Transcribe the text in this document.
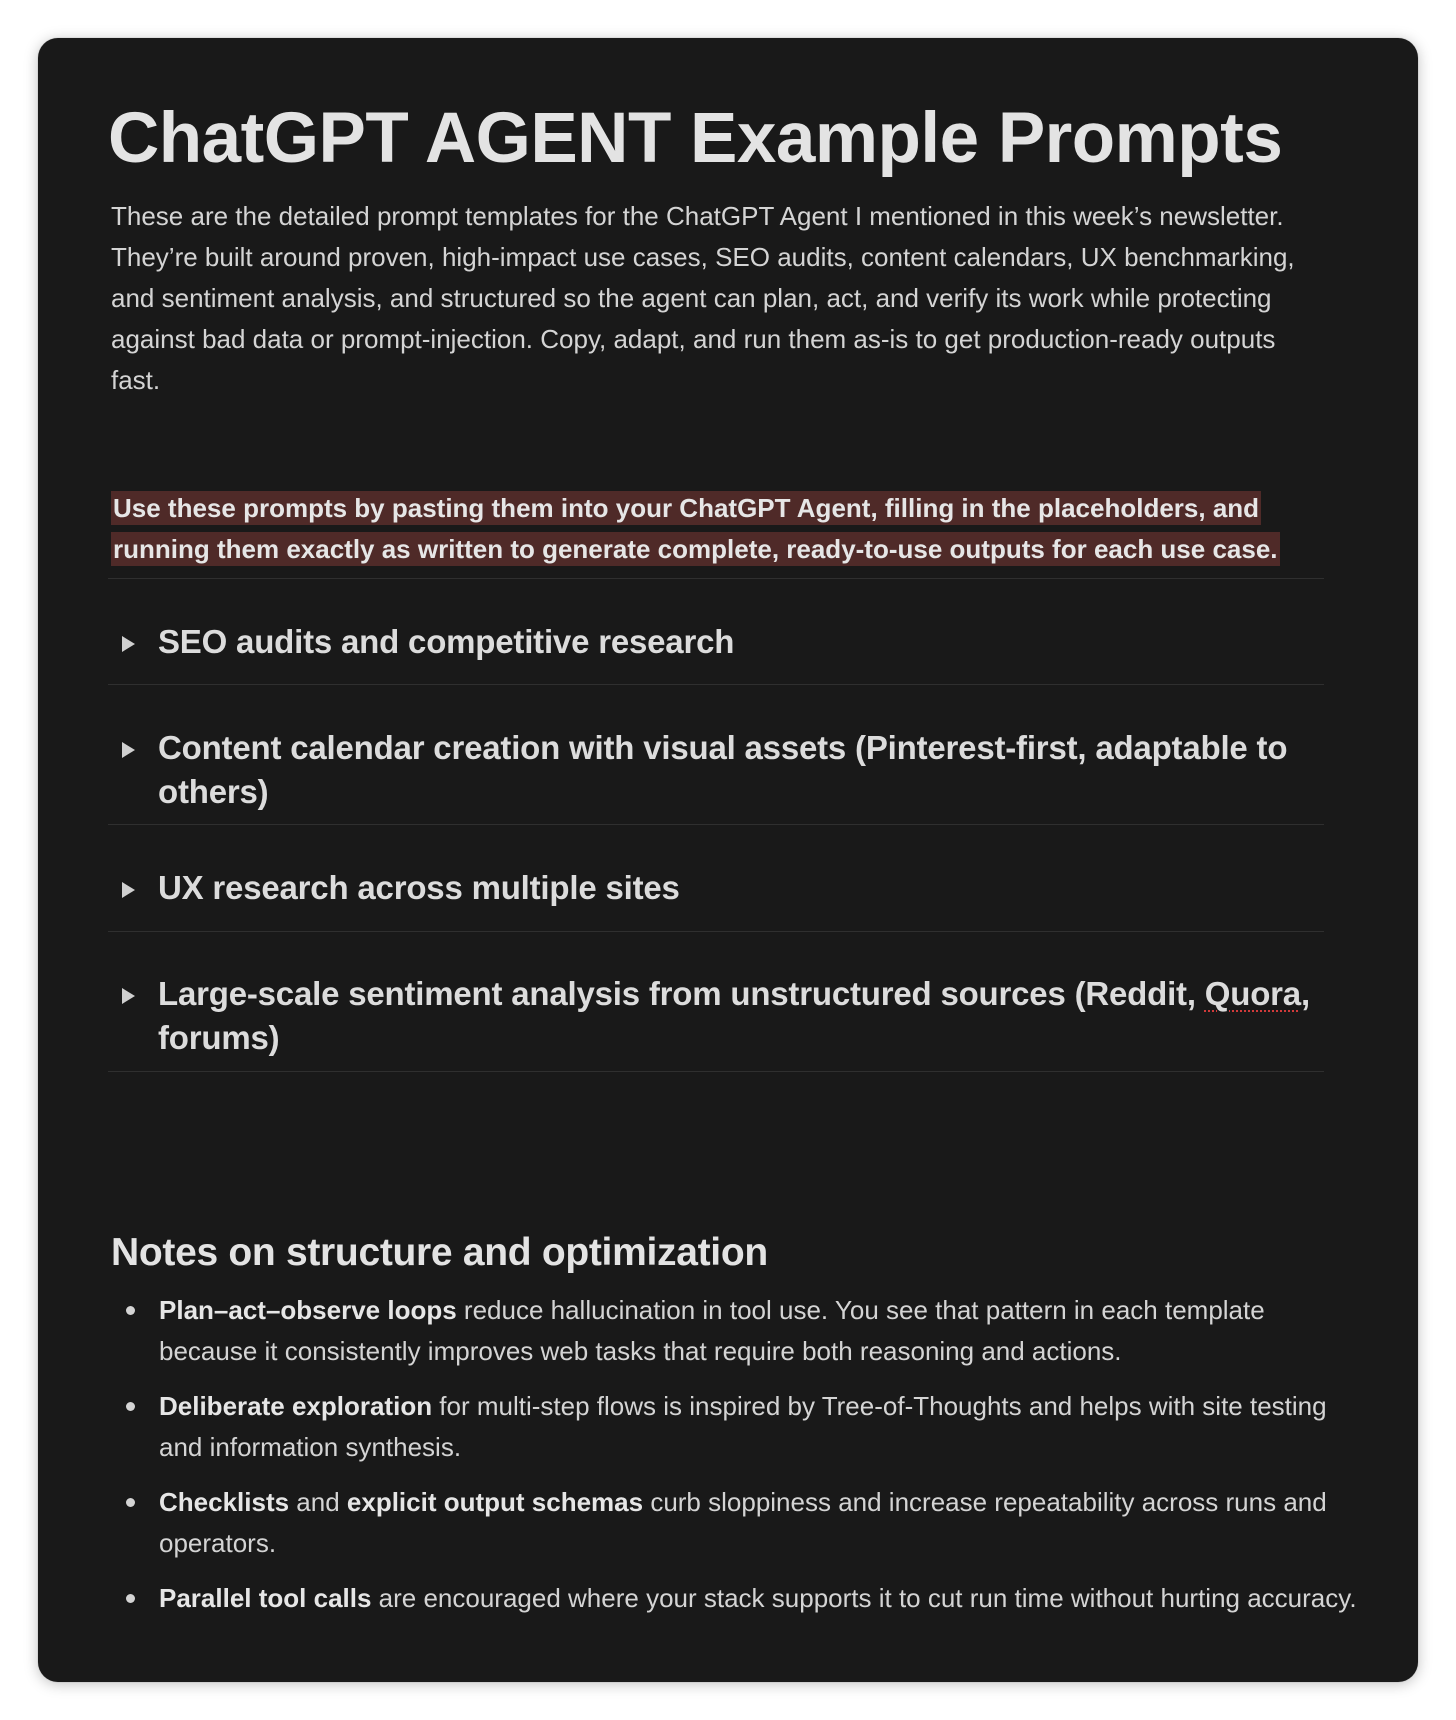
ChatGPT AGENT Example Prompts

These are the detailed prompt templates for the ChatGPT Agent I mentioned in this week’s newsletter. They’re built around proven, high-impact use cases, SEO audits, content calendars, UX benchmarking, and sentiment analysis, and structured so the agent can plan, act, and verify its work while protecting against bad data or prompt-injection. Copy, adapt, and run them as-is to get production-ready outputs fast.

Use these prompts by pasting them into your ChatGPT Agent, filling in the placeholders, and running them exactly as written to generate complete, ready-to-use outputs for each use case.

SEO audits and competitive research
Content calendar creation with visual assets (Pinterest-first, adaptable to others)
UX research across multiple sites
Large-scale sentiment analysis from unstructured sources (Reddit, Quora, forums)
Notes on structure and optimization
Plan–act–observe loops reduce hallucination in tool use. You see that pattern in each template because it consistently improves web tasks that require both reasoning and actions.
Deliberate exploration for multi-step flows is inspired by Tree-of-Thoughts and helps with site testing and information synthesis.
Checklists and explicit output schemas curb sloppiness and increase repeatability across runs and operators.
Parallel tool calls are encouraged where your stack supports it to cut run time without hurting accuracy.
